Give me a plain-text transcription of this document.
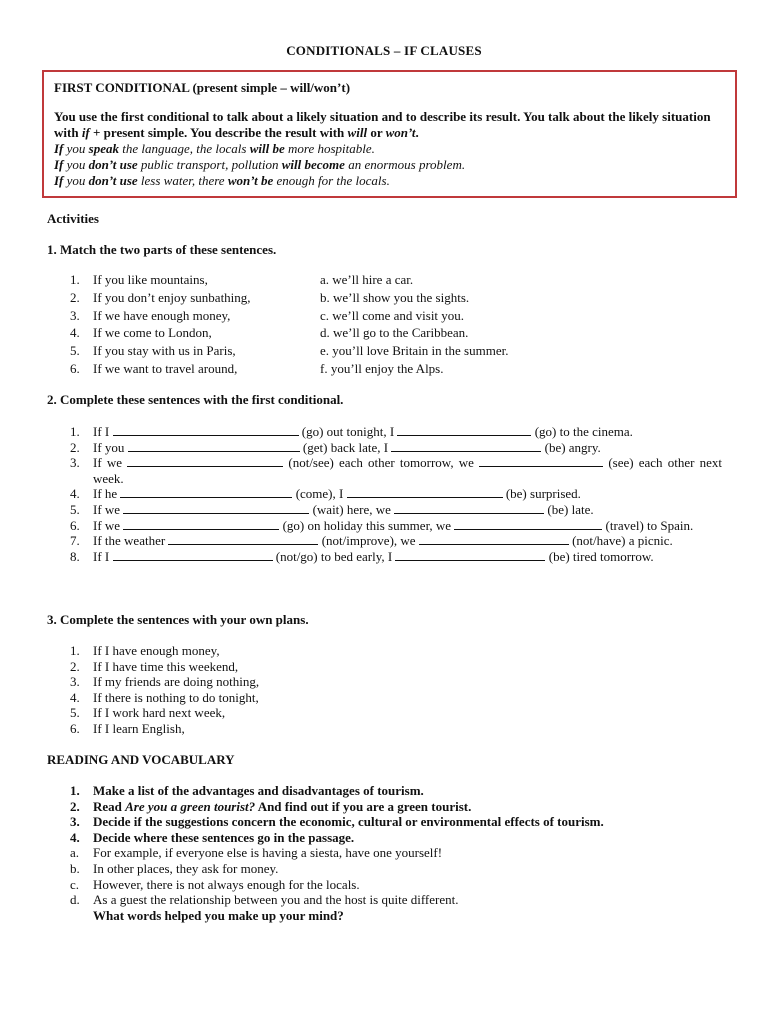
CONDITIONALS – IF CLAUSES
FIRST CONDITIONAL (present simple – will/won’t)
You use the first conditional to talk about a likely situation and to describe its result. You talk about the likely situation with if + present simple. You describe the result with will or won’t.
If you speak the language, the locals will be more hospitable.
If you don’t use public transport, pollution will become an enormous problem.
If you don’t use less water, there won’t be enough for the locals.
Activities
1. Match the two parts of these sentences.
1. If you like mountains,	a. we’ll hire a car.
2. If you don’t enjoy sunbathing,	b. we’ll show you the sights.
3. If we have enough money,	c. we’ll come and visit you.
4. If we come to London,	d. we’ll go to the Caribbean.
5. If you stay with us in Paris,	e. you’ll love Britain in the summer.
6. If we want to travel around,	f. you’ll enjoy the Alps.
2. Complete these sentences with the first conditional.
1. If I	(go) out tonight, I	(go) to the cinema.
2. If you	(get) back late, I	(be) angry.
3. If we	(not/see) each other tomorrow, we	(see) each other next week.
4. If he	(come), I	(be) surprised.
5. If we	(wait) here, we	(be) late.
6. If we	(go) on holiday this summer, we	(travel) to Spain.
7. If the weather	(not/improve), we	(not/have) a picnic.
8. If I	(not/go) to bed early, I	(be) tired tomorrow.
3. Complete the sentences with your own plans.
1. If I have enough money,
2. If I have time this weekend,
3. If my friends are doing nothing,
4. If there is nothing to do tonight,
5. If I work hard next week,
6. If I learn English,
READING AND VOCABULARY
1. Make a list of the advantages and disadvantages of tourism.
2. Read Are you a green tourist? And find out if you are a green tourist.
3. Decide if the suggestions concern the economic, cultural or environmental effects of tourism.
4. Decide where these sentences go in the passage.
a. For example, if everyone else is having a siesta, have one yourself!
b. In other places, they ask for money.
c. However, there is not always enough for the locals.
d. As a guest the relationship between you and the host is quite different.
What words helped you make up your mind?
